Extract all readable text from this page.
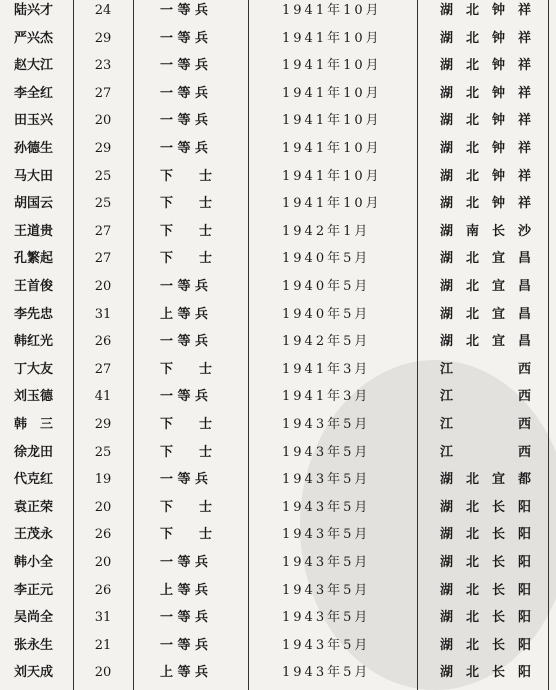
陆兴才	24	一 等 兵	1941年10月	湖　北　钟　祥
严兴杰	29	一 等 兵	1941年10月	湖　北　钟　祥
赵大江	23	一 等 兵	1941年10月	湖　北　钟　祥
李全红	27	一 等 兵	1941年10月	湖　北　钟　祥
田玉兴	20	一 等 兵	1941年10月	湖　北　钟　祥
孙德生	29	一 等 兵	1941年10月	湖　北　钟　祥
马大田	25	下　　士	1941年10月	湖　北　钟　祥
胡国云	25	下　　士	1941年10月	湖　北　钟　祥
王道贵	27	下　　士	1942年1月	湖　南　长　沙
孔繁起	27	下　　士	1940年5月	湖　北　宜　昌
王首俊	20	一 等 兵	1940年5月	湖　北　宜　昌
李先忠	31	上 等 兵	1940年5月	湖　北　宜　昌
韩红光	26	一 等 兵	1942年5月	湖　北　宜　昌
丁大友	27	下　　士	1941年3月	江　　　　　西
刘玉德	41	一 等 兵	1941年3月	江　　　　　西
韩　三	29	下　　士	1943年5月	江　　　　　西
徐龙田	25	下　　士	1943年5月	江　　　　　西
代克红	19	一 等 兵	1943年5月	湖　北　宜　都
袁正荣	20	下　　士	1943年5月	湖　北　长　阳
王茂永	26	下　　士	1943年5月	湖　北　长　阳
韩小全	20	一 等 兵	1943年5月	湖　北　长　阳
李正元	26	上 等 兵	1943年5月	湖　北　长　阳
吴尚全	31	一 等 兵	1943年5月	湖　北　长　阳
张永生	21	一 等 兵	1943年5月	湖　北　长　阳
刘天成	20	上 等 兵	1943年5月	湖　北　长　阳
